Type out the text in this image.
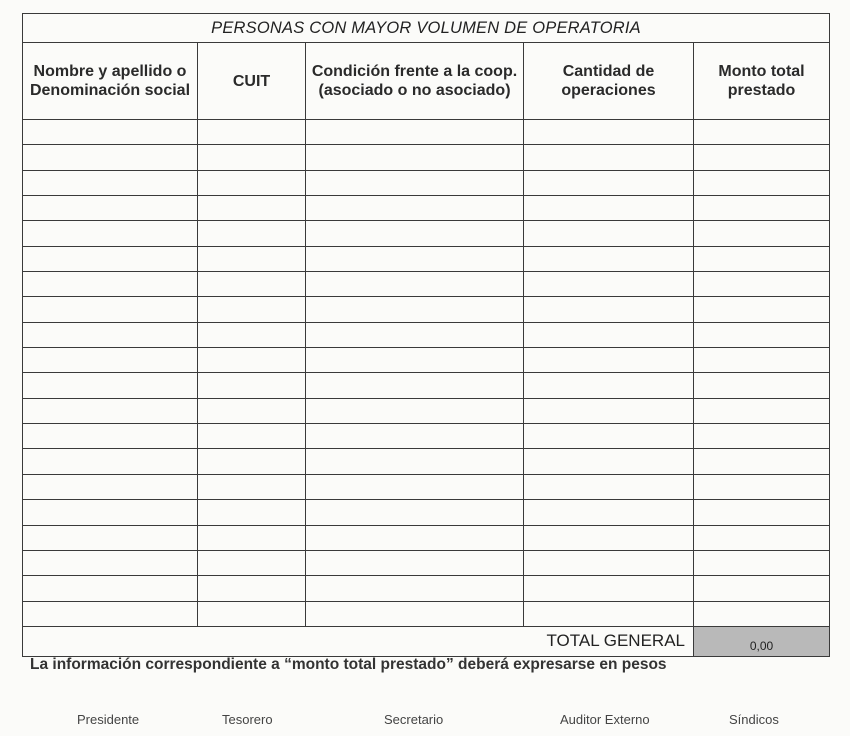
PERSONAS CON MAYOR VOLUMEN DE OPERATORIA				
Nombre y apellido o Denominación social	CUIT	Condición frente a la coop. (asociado o no asociado)	Cantidad de operaciones	Monto total prestado

TOTAL GENERAL				0,00
La información correspondiente a “monto total prestado” deberá expresarse en pesos
Presidente	Tesorero	Secretario	Auditor Externo	Síndicos
